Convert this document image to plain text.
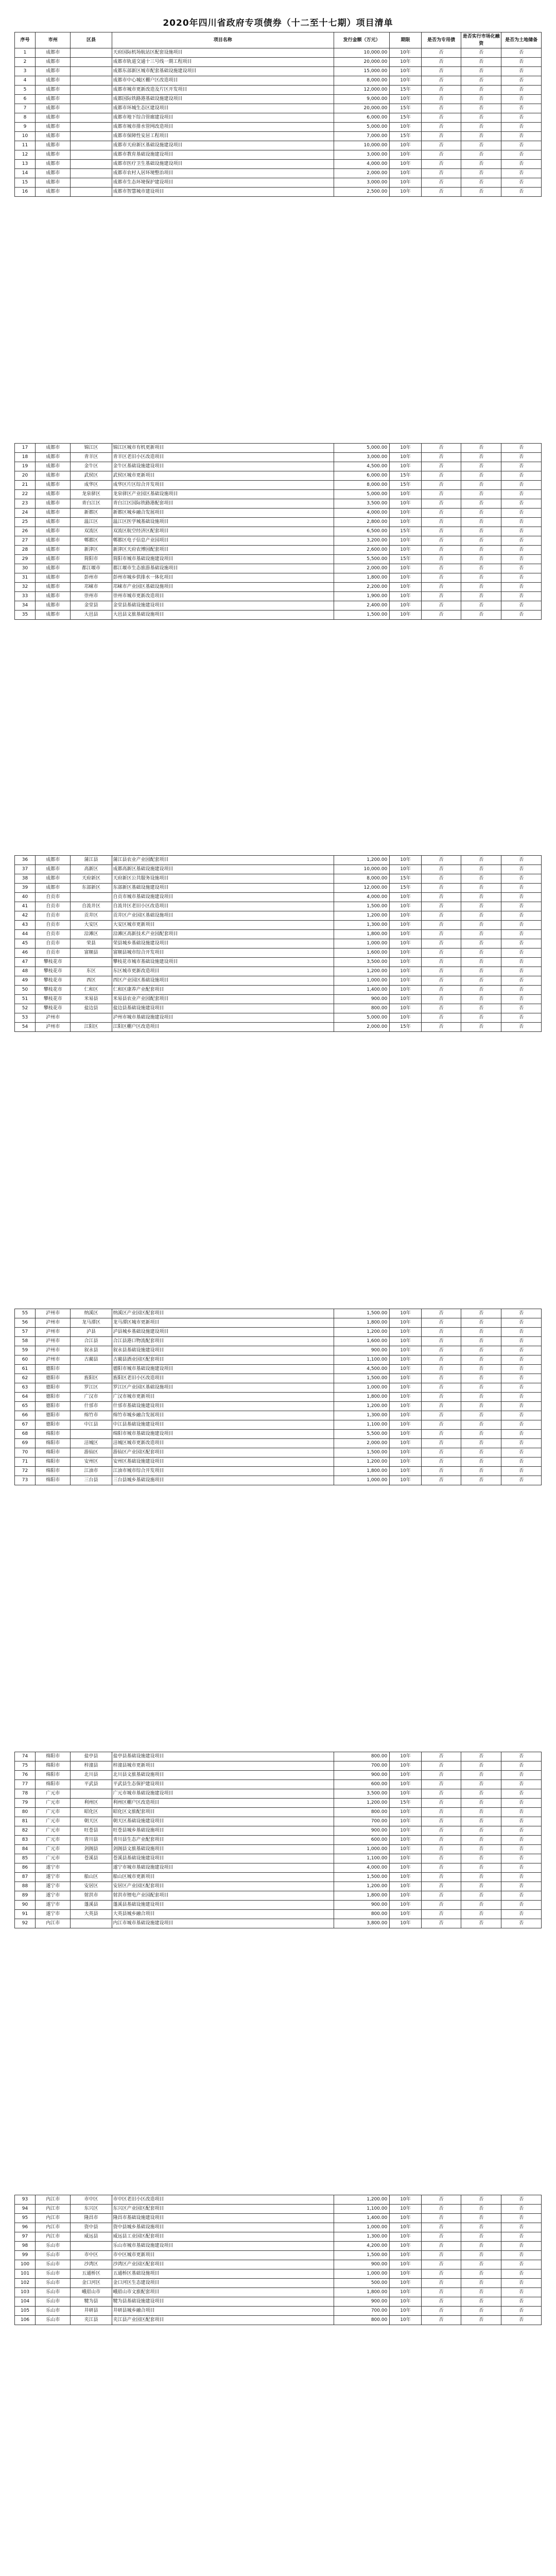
2020年四川省政府专项债券（十二至十七期）项目清单
序号	市州	区县	项目名称	发行金额（万元）	期限	是否为专用债	是否实行市场化融资	是否为土地储备
1	成都市		天府国际机场航站区配套设施项目	10,000.00	10年	否	否	否
2	成都市		成都市轨道交通十三号线一期工程项目	20,000.00	10年	否	否	否
3	成都市		成都东部新区城市配套基础设施建设项目	15,000.00	10年	否	否	否
4	成都市		成都市中心城区棚户区改造项目	8,000.00	10年	否	否	否
5	成都市		成都市城市更新改造及片区开发项目	12,000.00	15年	否	否	否
6	成都市		成都国际铁路港基础设施建设项目	9,000.00	10年	否	否	否
7	成都市		成都市环城生态区建设项目	20,000.00	15年	否	否	否
8	成都市		成都市地下综合管廊建设项目	6,000.00	15年	否	否	否
9	成都市		成都市城市排水管网改造项目	5,000.00	10年	否	否	否
10	成都市		成都市保障性安居工程项目	7,000.00	15年	否	否	否
11	成都市		成都市天府新区基础设施建设项目	10,000.00	10年	否	否	否
12	成都市		成都市教育基础设施建设项目	3,000.00	10年	否	否	否
13	成都市		成都市医疗卫生基础设施建设项目	4,000.00	10年	否	否	否
14	成都市		成都市农村人居环境整治项目	2,000.00	10年	否	否	否
15	成都市		成都市生态环境保护建设项目	3,000.00	10年	否	否	否
16	成都市		成都市智慧城市建设项目	2,500.00	10年	否	否	否
17	成都市	锦江区	锦江区城市有机更新项目	5,000.00	10年	否	否	否
18	成都市	青羊区	青羊区老旧小区改造项目	3,000.00	10年	否	否	否
19	成都市	金牛区	金牛区基础设施建设项目	4,500.00	10年	否	否	否
20	成都市	武侯区	武侯区城市更新项目	6,000.00	15年	否	否	否
21	成都市	成华区	成华区片区综合开发项目	8,000.00	15年	否	否	否
22	成都市	龙泉驿区	龙泉驿区产业园区基础设施项目	5,000.00	10年	否	否	否
23	成都市	青白江区	青白江区国际铁路港配套项目	3,500.00	10年	否	否	否
24	成都市	新都区	新都区城乡融合发展项目	4,000.00	10年	否	否	否
25	成都市	温江区	温江区医学城基础设施项目	2,800.00	10年	否	否	否
26	成都市	双流区	双流区航空经济区配套项目	6,500.00	15年	否	否	否
27	成都市	郫都区	郫都区电子信息产业园项目	3,200.00	10年	否	否	否
28	成都市	新津区	新津区天府农博园配套项目	2,600.00	10年	否	否	否
29	成都市	简阳市	简阳市城市基础设施建设项目	5,500.00	15年	否	否	否
30	成都市	都江堰市	都江堰市生态旅游基础设施项目	2,000.00	10年	否	否	否
31	成都市	彭州市	彭州市城乡供排水一体化项目	1,800.00	10年	否	否	否
32	成都市	邛崃市	邛崃市产业园区基础设施项目	2,200.00	10年	否	否	否
33	成都市	崇州市	崇州市城市更新改造项目	1,900.00	10年	否	否	否
34	成都市	金堂县	金堂县基础设施建设项目	2,400.00	10年	否	否	否
35	成都市	大邑县	大邑县文旅基础设施项目	1,500.00	10年	否	否	否
36	成都市	蒲江县	蒲江县农业产业园配套项目	1,200.00	10年	否	否	否
37	成都市	高新区	成都高新区基础设施建设项目	10,000.00	10年	否	否	否
38	成都市	天府新区	天府新区公共服务设施项目	8,000.00	15年	否	否	否
39	成都市	东部新区	东部新区基础设施建设项目	12,000.00	15年	否	否	否
40	自贡市		自贡市城市基础设施建设项目	4,000.00	10年	否	否	否
41	自贡市	自流井区	自流井区老旧小区改造项目	1,500.00	10年	否	否	否
42	自贡市	贡井区	贡井区产业园区基础设施项目	1,200.00	10年	否	否	否
43	自贡市	大安区	大安区城市更新项目	1,300.00	10年	否	否	否
44	自贡市	沿滩区	沿滩区高新技术产业园配套项目	1,800.00	10年	否	否	否
45	自贡市	荣县	荣县城乡基础设施建设项目	1,000.00	10年	否	否	否
46	自贡市	富顺县	富顺县城市综合开发项目	1,600.00	10年	否	否	否
47	攀枝花市		攀枝花市城市基础设施建设项目	3,500.00	10年	否	否	否
48	攀枝花市	东区	东区城市更新改造项目	1,200.00	10年	否	否	否
49	攀枝花市	西区	西区产业园区基础设施项目	1,000.00	10年	否	否	否
50	攀枝花市	仁和区	仁和区康养产业配套项目	1,400.00	10年	否	否	否
51	攀枝花市	米易县	米易县农业产业园配套项目	900.00	10年	否	否	否
52	攀枝花市	盐边县	盐边县基础设施建设项目	800.00	10年	否	否	否
53	泸州市		泸州市城市基础设施建设项目	5,000.00	10年	否	否	否
54	泸州市	江阳区	江阳区棚户区改造项目	2,000.00	15年	否	否	否
55	泸州市	纳溪区	纳溪区产业园区配套项目	1,500.00	10年	否	否	否
56	泸州市	龙马潭区	龙马潭区城市更新项目	1,800.00	10年	否	否	否
57	泸州市	泸县	泸县城乡基础设施建设项目	1,200.00	10年	否	否	否
58	泸州市	合江县	合江县港口物流配套项目	1,600.00	10年	否	否	否
59	泸州市	叙永县	叙永县基础设施建设项目	900.00	10年	否	否	否
60	泸州市	古蔺县	古蔺县酒业园区配套项目	1,100.00	10年	否	否	否
61	德阳市		德阳市城市基础设施建设项目	4,500.00	10年	否	否	否
62	德阳市	旌阳区	旌阳区老旧小区改造项目	1,500.00	10年	否	否	否
63	德阳市	罗江区	罗江区产业园区基础设施项目	1,000.00	10年	否	否	否
64	德阳市	广汉市	广汉市城市更新项目	1,800.00	10年	否	否	否
65	德阳市	什邡市	什邡市基础设施建设项目	1,200.00	10年	否	否	否
66	德阳市	绵竹市	绵竹市城乡融合发展项目	1,300.00	10年	否	否	否
67	德阳市	中江县	中江县基础设施建设项目	1,100.00	10年	否	否	否
68	绵阳市		绵阳市城市基础设施建设项目	5,500.00	10年	否	否	否
69	绵阳市	涪城区	涪城区城市更新改造项目	2,000.00	10年	否	否	否
70	绵阳市	游仙区	游仙区产业园区配套项目	1,500.00	10年	否	否	否
71	绵阳市	安州区	安州区基础设施建设项目	1,200.00	10年	否	否	否
72	绵阳市	江油市	江油市城市综合开发项目	1,800.00	10年	否	否	否
73	绵阳市	三台县	三台县城乡基础设施项目	1,000.00	10年	否	否	否
74	绵阳市	盐亭县	盐亭县基础设施建设项目	800.00	10年	否	否	否
75	绵阳市	梓潼县	梓潼县城市更新项目	700.00	10年	否	否	否
76	绵阳市	北川县	北川县文旅基础设施项目	900.00	10年	否	否	否
77	绵阳市	平武县	平武县生态保护建设项目	600.00	10年	否	否	否
78	广元市		广元市城市基础设施建设项目	3,500.00	10年	否	否	否
79	广元市	利州区	利州区棚户区改造项目	1,200.00	15年	否	否	否
80	广元市	昭化区	昭化区文旅配套项目	800.00	10年	否	否	否
81	广元市	朝天区	朝天区基础设施建设项目	700.00	10年	否	否	否
82	广元市	旺苍县	旺苍县城乡基础设施项目	900.00	10年	否	否	否
83	广元市	青川县	青川县生态产业配套项目	600.00	10年	否	否	否
84	广元市	剑阁县	剑阁县文旅基础设施项目	1,000.00	10年	否	否	否
85	广元市	苍溪县	苍溪县基础设施建设项目	1,100.00	10年	否	否	否
86	遂宁市		遂宁市城市基础设施建设项目	4,000.00	10年	否	否	否
87	遂宁市	船山区	船山区城市更新项目	1,500.00	10年	否	否	否
88	遂宁市	安居区	安居区产业园区配套项目	1,200.00	10年	否	否	否
89	遂宁市	射洪市	射洪市锂电产业园配套项目	1,800.00	10年	否	否	否
90	遂宁市	蓬溪县	蓬溪县基础设施建设项目	900.00	10年	否	否	否
91	遂宁市	大英县	大英县城乡融合项目	800.00	10年	否	否	否
92	内江市		内江市城市基础设施建设项目	3,800.00	10年	否	否	否
93	内江市	市中区	市中区老旧小区改造项目	1,200.00	10年	否	否	否
94	内江市	东兴区	东兴区产业园区配套项目	1,100.00	10年	否	否	否
95	内江市	隆昌市	隆昌市基础设施建设项目	1,400.00	10年	否	否	否
96	内江市	资中县	资中县城乡基础设施项目	1,000.00	10年	否	否	否
97	内江市	威远县	威远县工业园区配套项目	1,300.00	10年	否	否	否
98	乐山市		乐山市城市基础设施建设项目	4,200.00	10年	否	否	否
99	乐山市	市中区	市中区城市更新项目	1,500.00	10年	否	否	否
100	乐山市	沙湾区	沙湾区产业园区配套项目	900.00	10年	否	否	否
101	乐山市	五通桥区	五通桥区基础设施项目	1,000.00	10年	否	否	否
102	乐山市	金口河区	金口河区生态建设项目	500.00	10年	否	否	否
103	乐山市	峨眉山市	峨眉山市文旅配套项目	1,800.00	10年	否	否	否
104	乐山市	犍为县	犍为县基础设施建设项目	900.00	10年	否	否	否
105	乐山市	井研县	井研县城乡融合项目	700.00	10年	否	否	否
106	乐山市	夹江县	夹江县产业园区配套项目	800.00	10年	否	否	否
